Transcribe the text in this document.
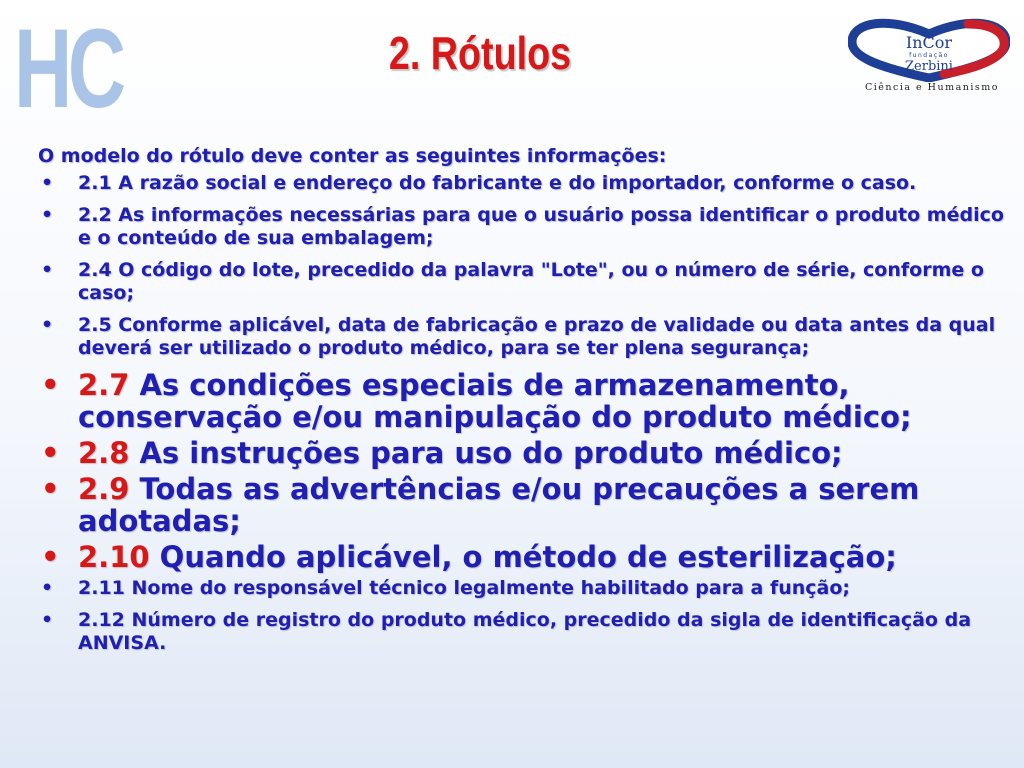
HC	2. Rótulos	InCor
fundação
Zerbini
Ciência e Humanismo

O modelo do rótulo deve conter as seguintes informações:

• 2.1 A razão social e endereço do fabricante e do importador, conforme o caso.
• 2.2 As informações necessárias para que o usuário possa identificar o produto médico e o conteúdo de sua embalagem;
• 2.4 O código do lote, precedido da palavra "Lote", ou o número de série, conforme o caso;
• 2.5 Conforme aplicável, data de fabricação e prazo de validade ou data antes da qual deverá ser utilizado o produto médico, para se ter plena segurança;
• 2.7 As condições especiais de armazenamento, conservação e/ou manipulação do produto médico;
• 2.8 As instruções para uso do produto médico;
• 2.9 Todas as advertências e/ou precauções a serem adotadas;
• 2.10 Quando aplicável, o método de esterilização;
• 2.11 Nome do responsável técnico legalmente habilitado para a função;
• 2.12 Número de registro do produto médico, precedido da sigla de identificação da ANVISA.
